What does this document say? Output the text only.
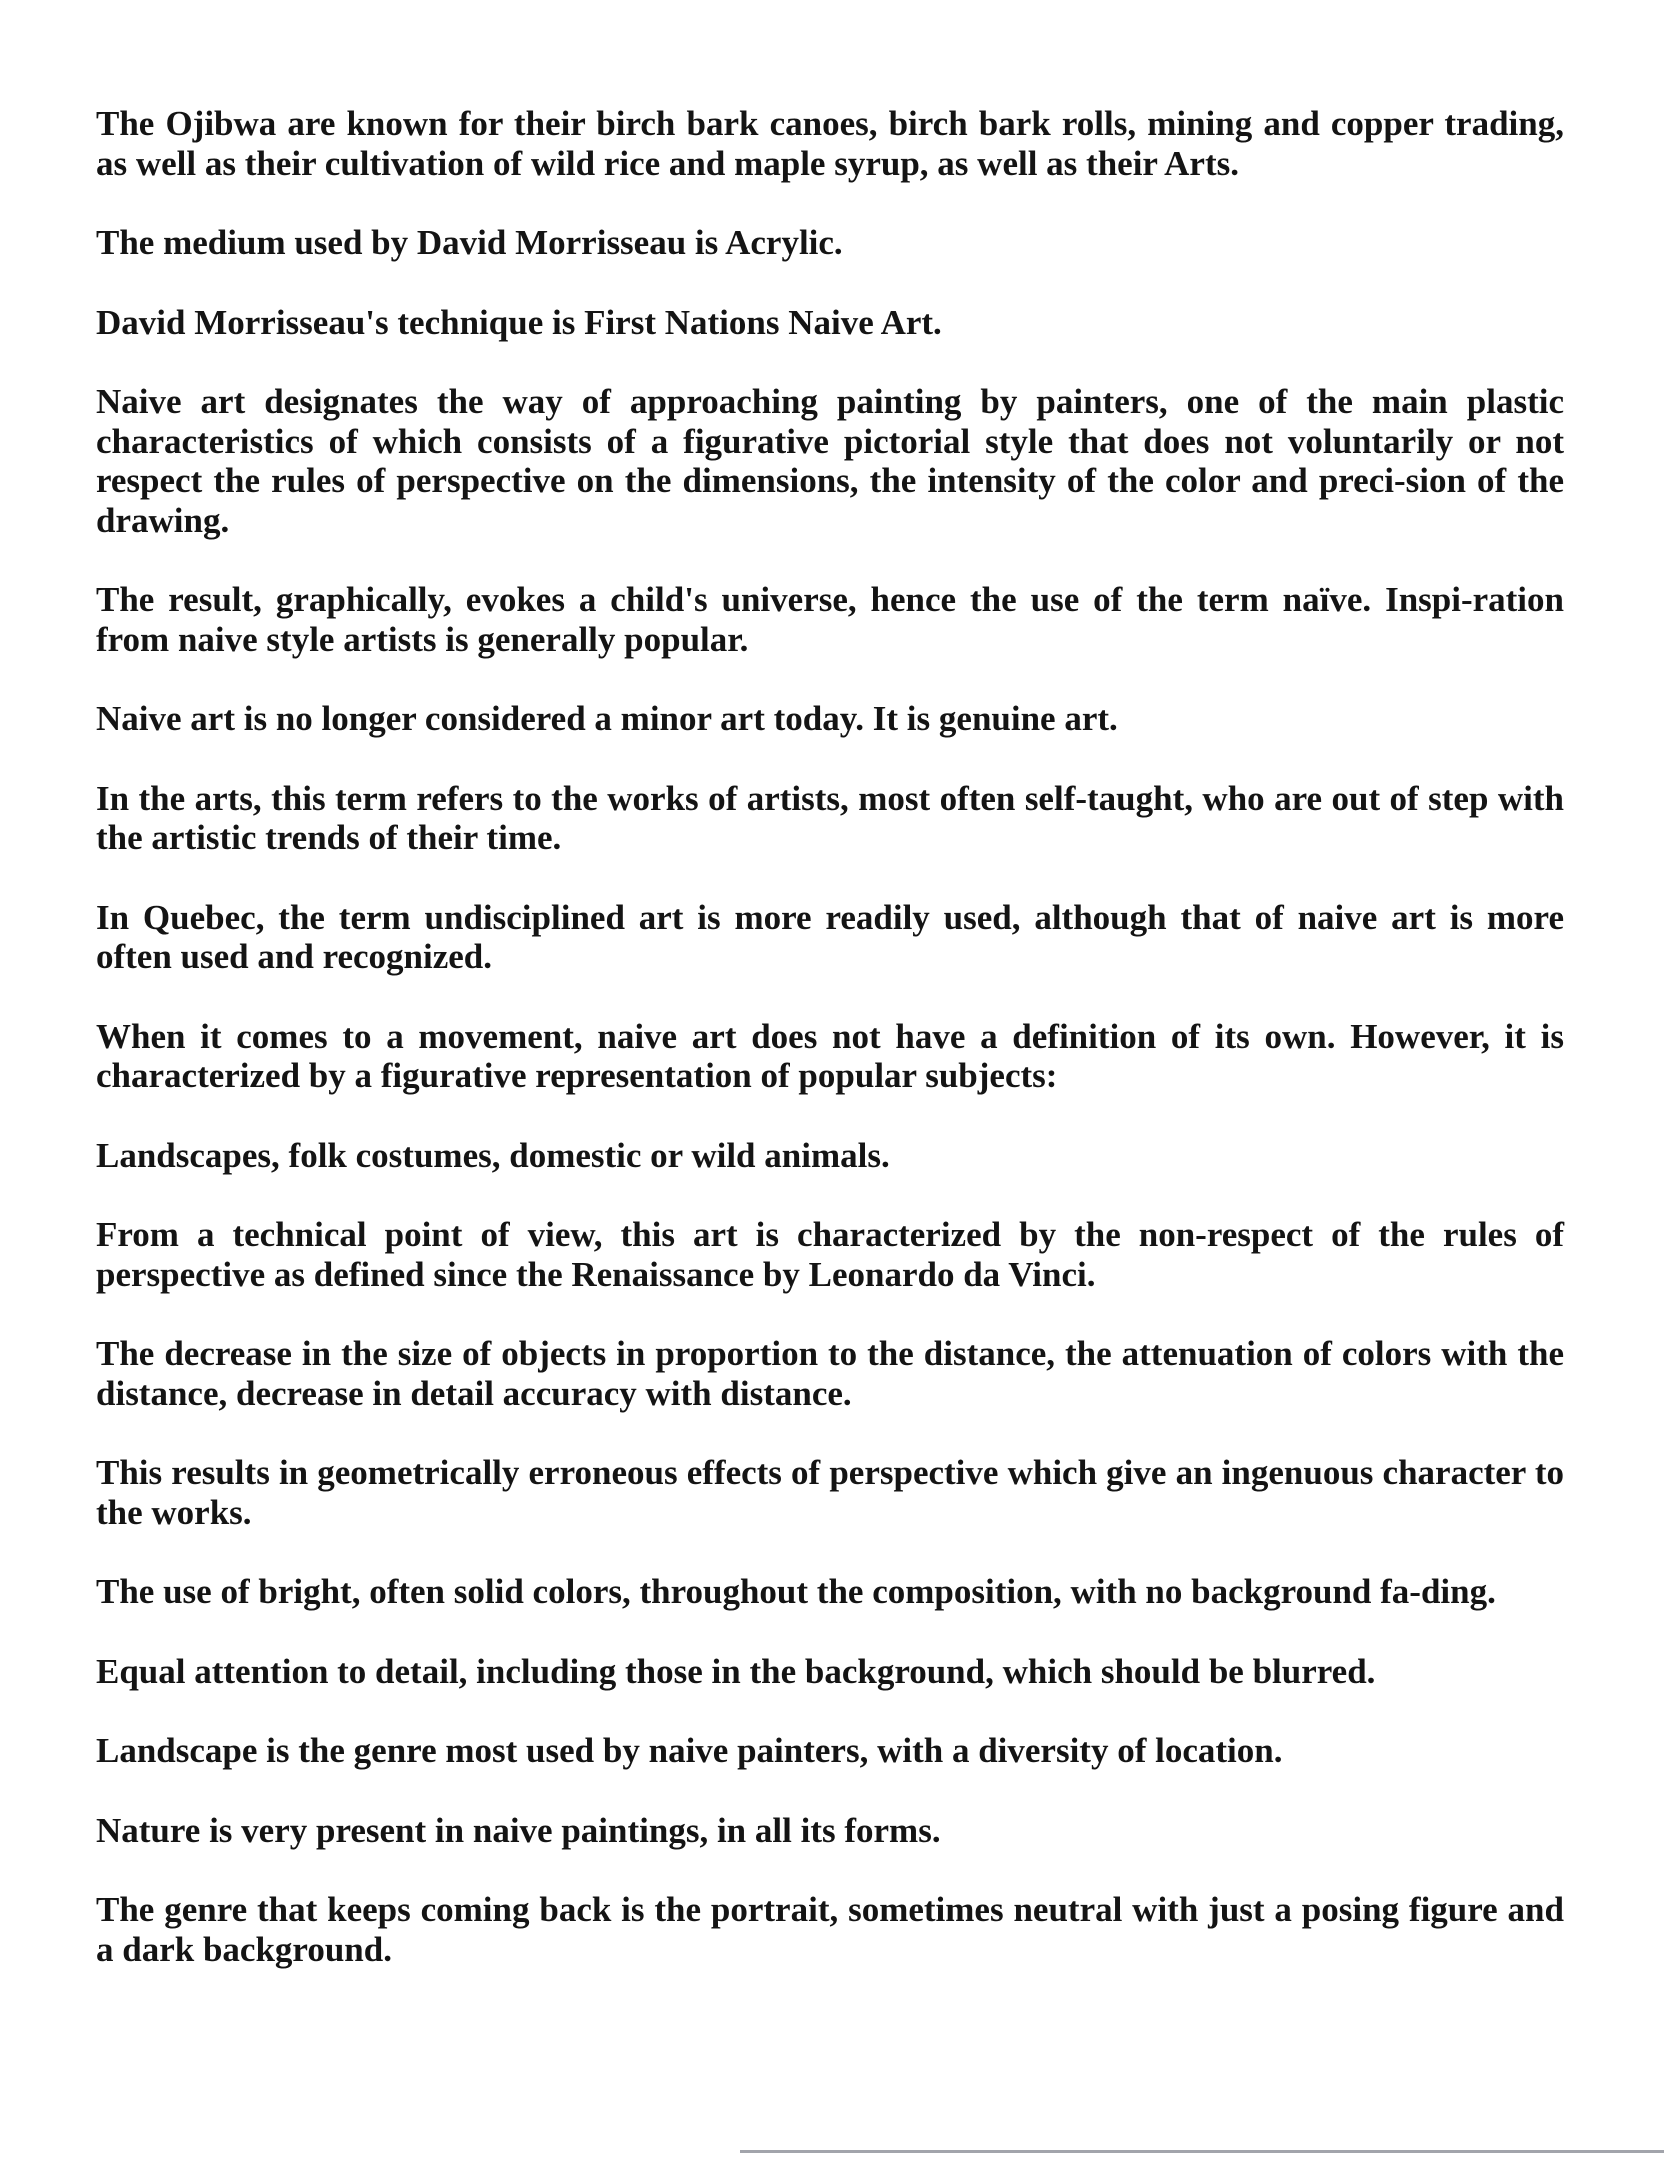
The Ojibwa are known for their birch bark canoes, birch bark rolls, mining and copper trading, as well as their cultivation of wild rice and maple syrup, as well as their Arts.

The medium used by David Morrisseau is Acrylic.

David Morrisseau's technique is First Nations Naive Art.

Naive art designates the way of approaching painting by painters, one of the main plastic characteristics of which consists of a figurative pictorial style that does not voluntarily or not respect the rules of perspective on the dimensions, the intensity of the color and preci-sion of the drawing.

The result, graphically, evokes a child's universe, hence the use of the term naïve. Inspi-ration from naive style artists is generally popular.

Naive art is no longer considered a minor art today. It is genuine art.

In the arts, this term refers to the works of artists, most often self-taught, who are out of step with the artistic trends of their time.

In Quebec, the term undisciplined art is more readily used, although that of naive art is more often used and recognized.

When it comes to a movement, naive art does not have a definition of its own. However, it is characterized by a figurative representation of popular subjects:

Landscapes, folk costumes, domestic or wild animals.

From a technical point of view, this art is characterized by the non-respect of the rules of perspective as defined since the Renaissance by Leonardo da Vinci.

The decrease in the size of objects in proportion to the distance, the attenuation of colors with the distance, decrease in detail accuracy with distance.

This results in geometrically erroneous effects of perspective which give an ingenuous character to the works.

The use of bright, often solid colors, throughout the composition, with no background fa-ding.

Equal attention to detail, including those in the background, which should be blurred.

Landscape is the genre most used by naive painters, with a diversity of location.

Nature is very present in naive paintings, in all its forms.

The genre that keeps coming back is the portrait, sometimes neutral with just a posing figure and a dark background.
